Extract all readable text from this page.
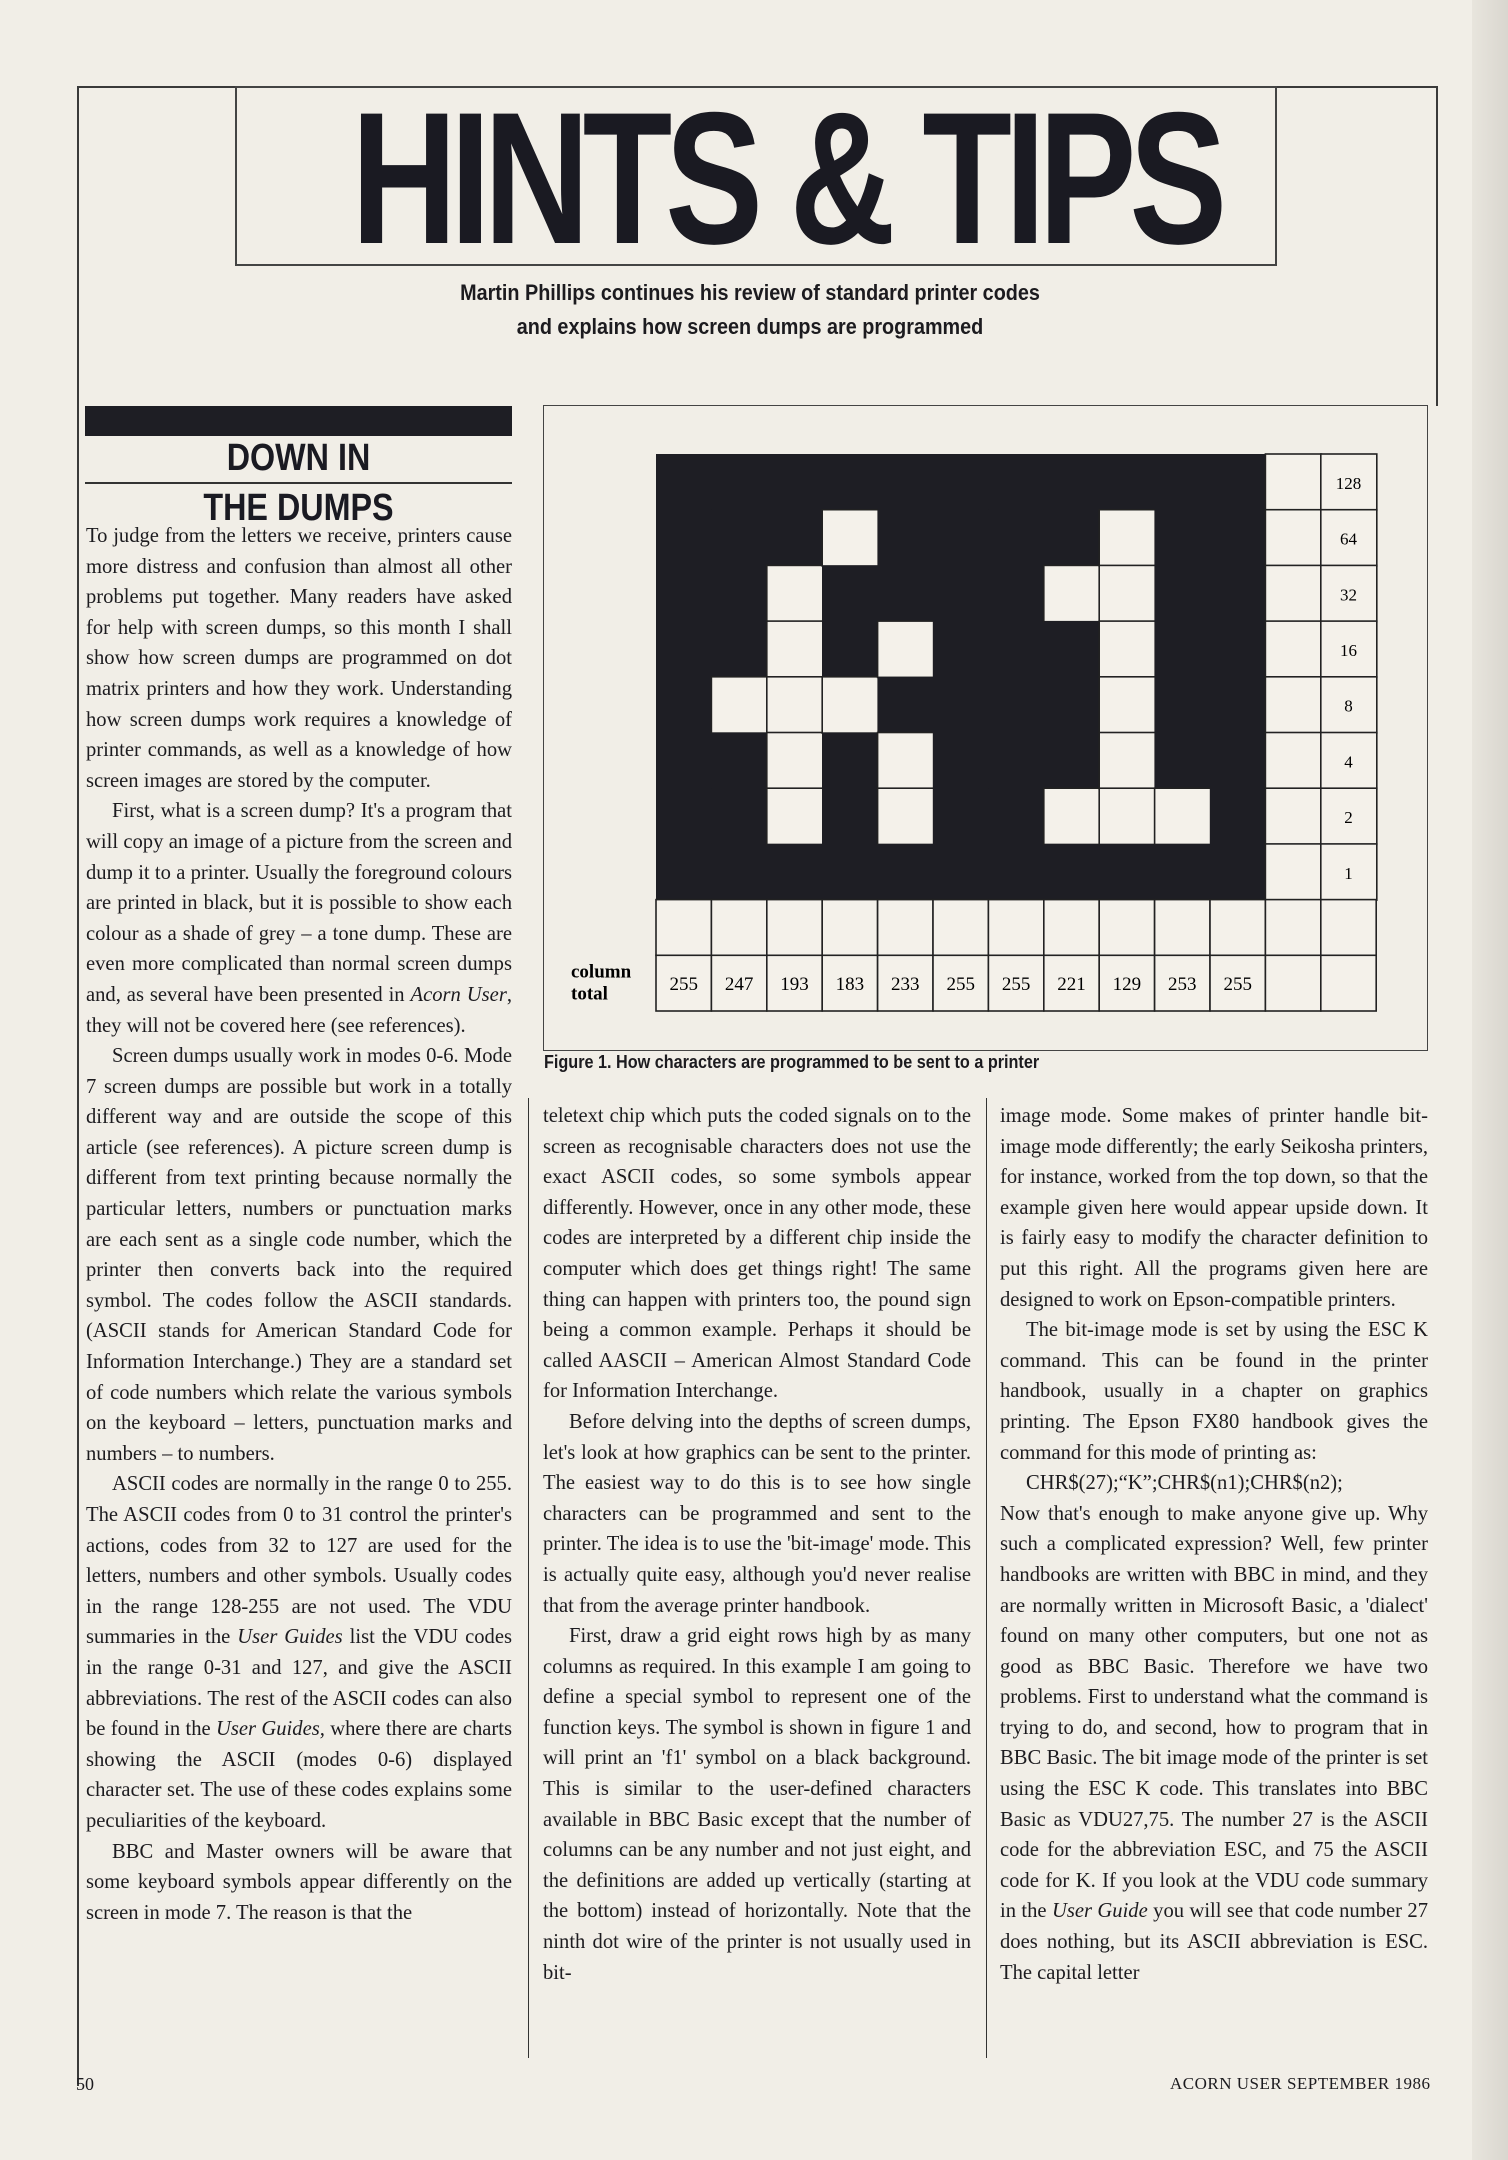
HINTS & TIPS
Martin Phillips continues his review of standard printer codes
and explains how screen dumps are programmed
DOWN IN
THE DUMPS

To judge from the letters we receive, printers cause more distress and confusion than almost all other problems put together. Many readers have asked for help with screen dumps, so this month I shall show how screen dumps are programmed on dot matrix printers and how they work. Understanding how screen dumps work requires a knowledge of printer commands, as well as a knowledge of how screen images are stored by the computer.

First, what is a screen dump? It's a program that will copy an image of a picture from the screen and dump it to a printer. Usually the foreground colours are printed in black, but it is possible to show each colour as a shade of grey – a tone dump. These are even more complicated than normal screen dumps and, as several have been presented in Acorn User, they will not be covered here (see references).

Screen dumps usually work in modes 0-6. Mode 7 screen dumps are possible but work in a totally different way and are outside the scope of this article (see references). A picture screen dump is different from text printing because normally the particular letters, numbers or punctuation marks are each sent as a single code number, which the printer then converts back into the required symbol. The codes follow the ASCII standards. (ASCII stands for American Standard Code for Information Interchange.) They are a standard set of code numbers which relate the various symbols on the keyboard – letters, punctuation marks and numbers – to numbers.

ASCII codes are normally in the range 0 to 255. The ASCII codes from 0 to 31 control the printer's actions, codes from 32 to 127 are used for the letters, numbers and other symbols. Usually codes in the range 128-255 are not used. The VDU summaries in the User Guides list the VDU codes in the range 0-31 and 127, and give the ASCII abbreviations. The rest of the ASCII codes can also be found in the User Guides, where there are charts showing the ASCII (modes 0-6) displayed character set. The use of these codes explains some peculiarities of the keyboard.

BBC and Master owners will be aware that some keyboard symbols appear differently on the screen in mode 7. The reason is that the

teletext chip which puts the coded signals on to the screen as recognisable characters does not use the exact ASCII codes, so some symbols appear differently. However, once in any other mode, these codes are interpreted by a different chip inside the computer which does get things right! The same thing can happen with printers too, the pound sign being a common example. Perhaps it should be called AASCII – American Almost Standard Code for Information Interchange.

Before delving into the depths of screen dumps, let's look at how graphics can be sent to the printer. The easiest way to do this is to see how single characters can be programmed and sent to the printer. The idea is to use the 'bit-image' mode. This is actually quite easy, although you'd never realise that from the average printer handbook.

First, draw a grid eight rows high by as many columns as required. In this example I am going to define a special symbol to represent one of the function keys. The symbol is shown in figure 1 and will print an 'f1' symbol on a black background. This is similar to the user-defined characters available in BBC Basic except that the number of columns can be any number and not just eight, and the definitions are added up vertically (starting at the bottom) instead of horizontally. Note that the ninth dot wire of the printer is not usually used in bit-

image mode. Some makes of printer handle bit-image mode differently; the early Seikosha printers, for instance, worked from the top down, so that the example given here would appear upside down. It is fairly easy to modify the character definition to put this right. All the programs given here are designed to work on Epson-compatible printers.

The bit-image mode is set by using the ESC K command. This can be found in the printer handbook, usually in a chapter on graphics printing. The Epson FX80 handbook gives the command for this mode of printing as:

CHR$(27);“K”;CHR$(n1);CHR$(n2);

Now that's enough to make anyone give up. Why such a complicated expression? Well, few printer handbooks are written with BBC in mind, and they are normally written in Microsoft Basic, a 'dialect' found on many other computers, but one not as good as BBC Basic. Therefore we have two problems. First to understand what the command is trying to do, and second, how to program that in BBC Basic. The bit image mode of the printer is set using the ESC K code. This translates into BBC Basic as VDU27,75. The number 27 is the ASCII code for the abbreviation ESC, and 75 the ASCII code for K. If you look at the VDU code summary in the User Guide you will see that code number 27 does nothing, but its ASCII abbreviation is ESC. The capital letter

255 247 193 183 233 255 255 221 129 253 255
128
64
32
16
8
4
2
1
column total
Figure 1. How characters are programmed to be sent to a printer
50	ACORN USER SEPTEMBER 1986
